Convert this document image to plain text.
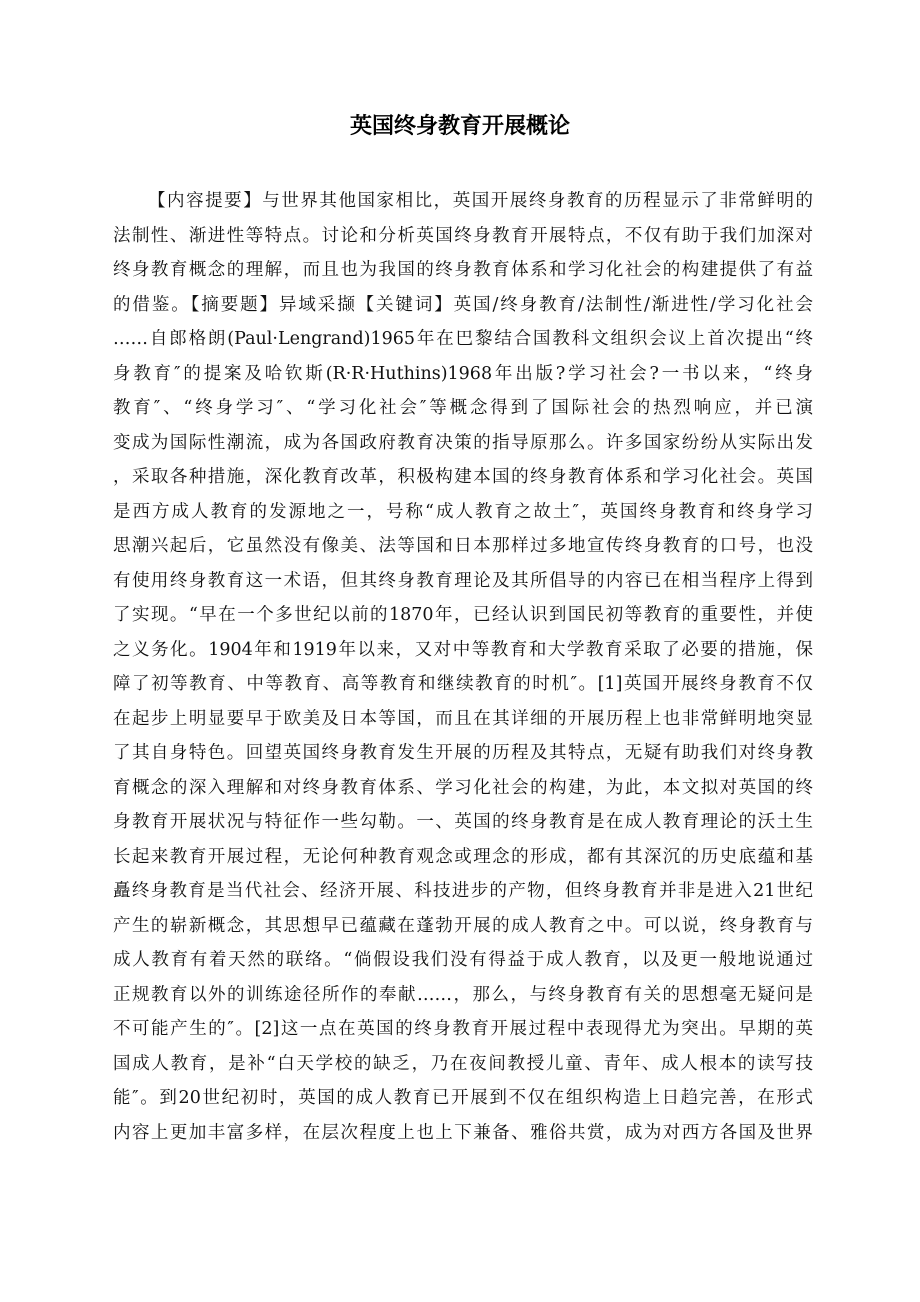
英国终身教育开展概论
【内容提要】与世界其他国家相比，英国开展终身教育的历程显示了非常鲜明的
法制性、渐进性等特点。讨论和分析英国终身教育开展特点，不仅有助于我们加深对
终身教育概念的理解，而且也为我国的终身教育体系和学习化社会的构建提供了有益
的借鉴。【摘要题】异域采撷【关键词】英国/终身教育/法制性/渐进性/学习化社会
……自郎格朗(Paul·Lengrand)1965年在巴黎结合国教科文组织会议上首次提出“终
身教育″的提案及哈钦斯(R·R·Huthins)1968年出版?学习社会?一书以来，“终身
教育″、“终身学习″、“学习化社会″等概念得到了国际社会的热烈响应，并已演
变成为国际性潮流，成为各国政府教育决策的指导原那么。许多国家纷纷从实际出发
，采取各种措施，深化教育改革，积极构建本国的终身教育体系和学习化社会。英国
是西方成人教育的发源地之一，号称“成人教育之故土″，英国终身教育和终身学习
思潮兴起后，它虽然没有像美、法等国和日本那样过多地宣传终身教育的口号，也没
有使用终身教育这一术语，但其终身教育理论及其所倡导的内容已在相当程序上得到
了实现。“早在一个多世纪以前的1870年，已经认识到国民初等教育的重要性，并使
之义务化。1904年和1919年以来，又对中等教育和大学教育采取了必要的措施，保
障了初等教育、中等教育、高等教育和继续教育的时机″。[1]英国开展终身教育不仅
在起步上明显要早于欧美及日本等国，而且在其详细的开展历程上也非常鲜明地突显
了其自身特色。回望英国终身教育发生开展的历程及其特点，无疑有助我们对终身教
育概念的深入理解和对终身教育体系、学习化社会的构建，为此，本文拟对英国的终
身教育开展状况与特征作一些勾勒。一、英国的终身教育是在成人教育理论的沃土生
长起来教育开展过程，无论何种教育观念或理念的形成，都有其深沉的历史底蕴和基
矗终身教育是当代社会、经济开展、科技进步的产物，但终身教育并非是进入21世纪
产生的崭新概念，其思想早已蕴藏在蓬勃开展的成人教育之中。可以说，终身教育与
成人教育有着天然的联络。“倘假设我们没有得益于成人教育，以及更一般地说通过
正规教育以外的训练途径所作的奉献……，那么，与终身教育有关的思想毫无疑问是
不可能产生的″。[2]这一点在英国的终身教育开展过程中表现得尤为突出。早期的英
国成人教育，是补“白天学校的缺乏，乃在夜间教授儿童、青年、成人根本的读写技
能″。到20世纪初时，英国的成人教育已开展到不仅在组织构造上日趋完善，在形式
内容上更加丰富多样，在层次程度上也上下兼备、雅俗共赏，成为对西方各国及世界
